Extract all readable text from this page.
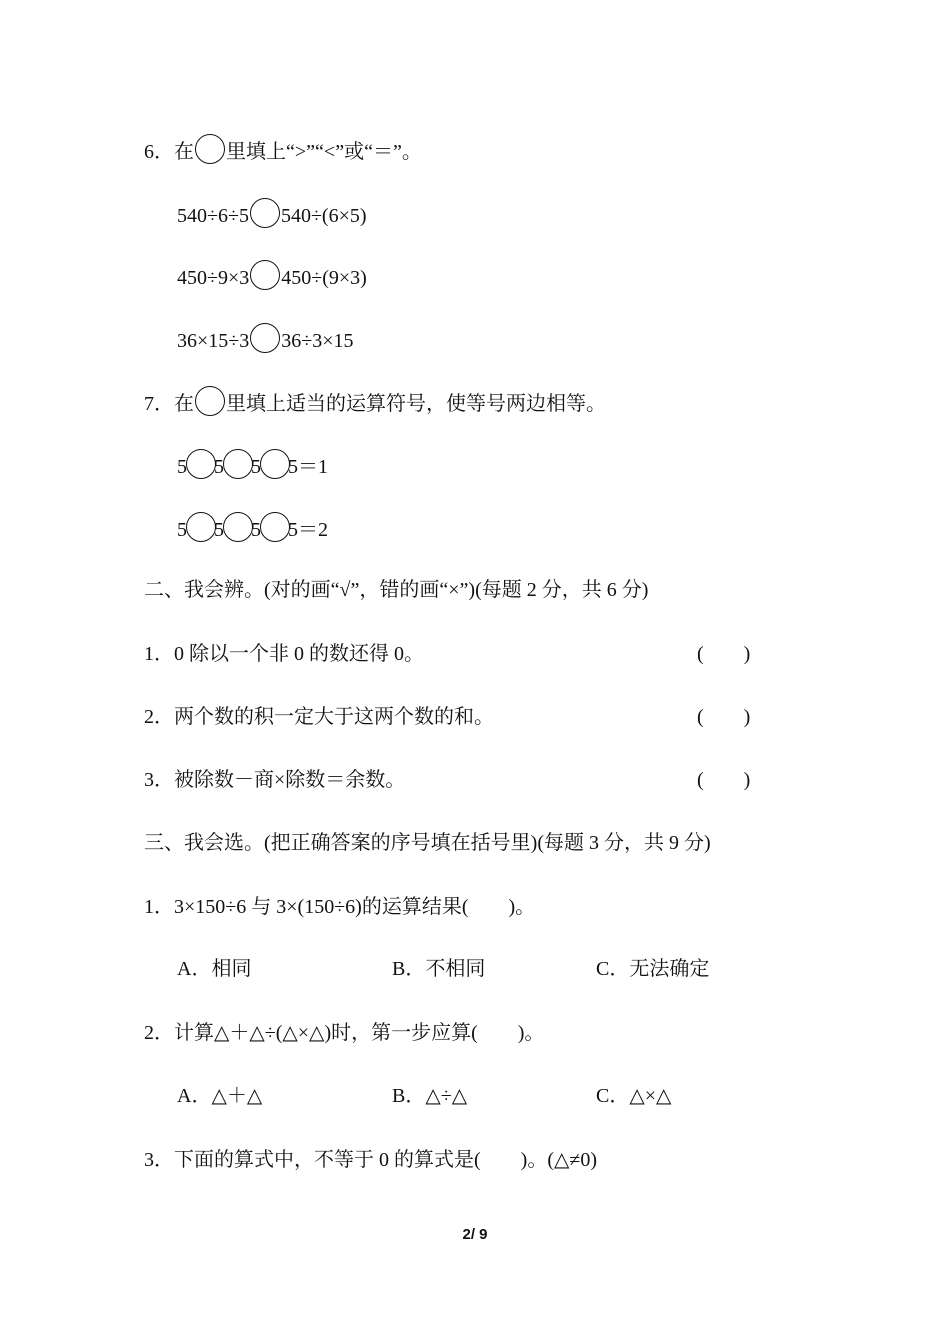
6．在 里填上“>”“<”或“＝”。
540÷6÷5 540÷(6×5)
450÷9×3 450÷(9×3)
36×15÷3 36÷3×15
7．在 里填上适当的运算符号，使等号两边相等。
5 5 5 5＝1
5 5 5 5＝2
二、我会辨。(对的画“√”，错的画“×”)(每题 2 分，共 6 分)
1．0 除以一个非 0 的数还得 0。	(　　)
2．两个数的积一定大于这两个数的和。	(　　)
3．被除数－商×除数＝余数。	(　　)
三、我会选。(把正确答案的序号填在括号里)(每题 3 分，共 9 分)
1．3×150÷6 与 3×(150÷6)的运算结果(　　)。
A．相同	B．不相同	C．无法确定
2．计算△＋△÷(△×△)时，第一步应算(　　)。
A．△＋△	B．△÷△	C．△×△
3．下面的算式中，不等于 0 的算式是(　　)。(△≠0)
2/ 9
